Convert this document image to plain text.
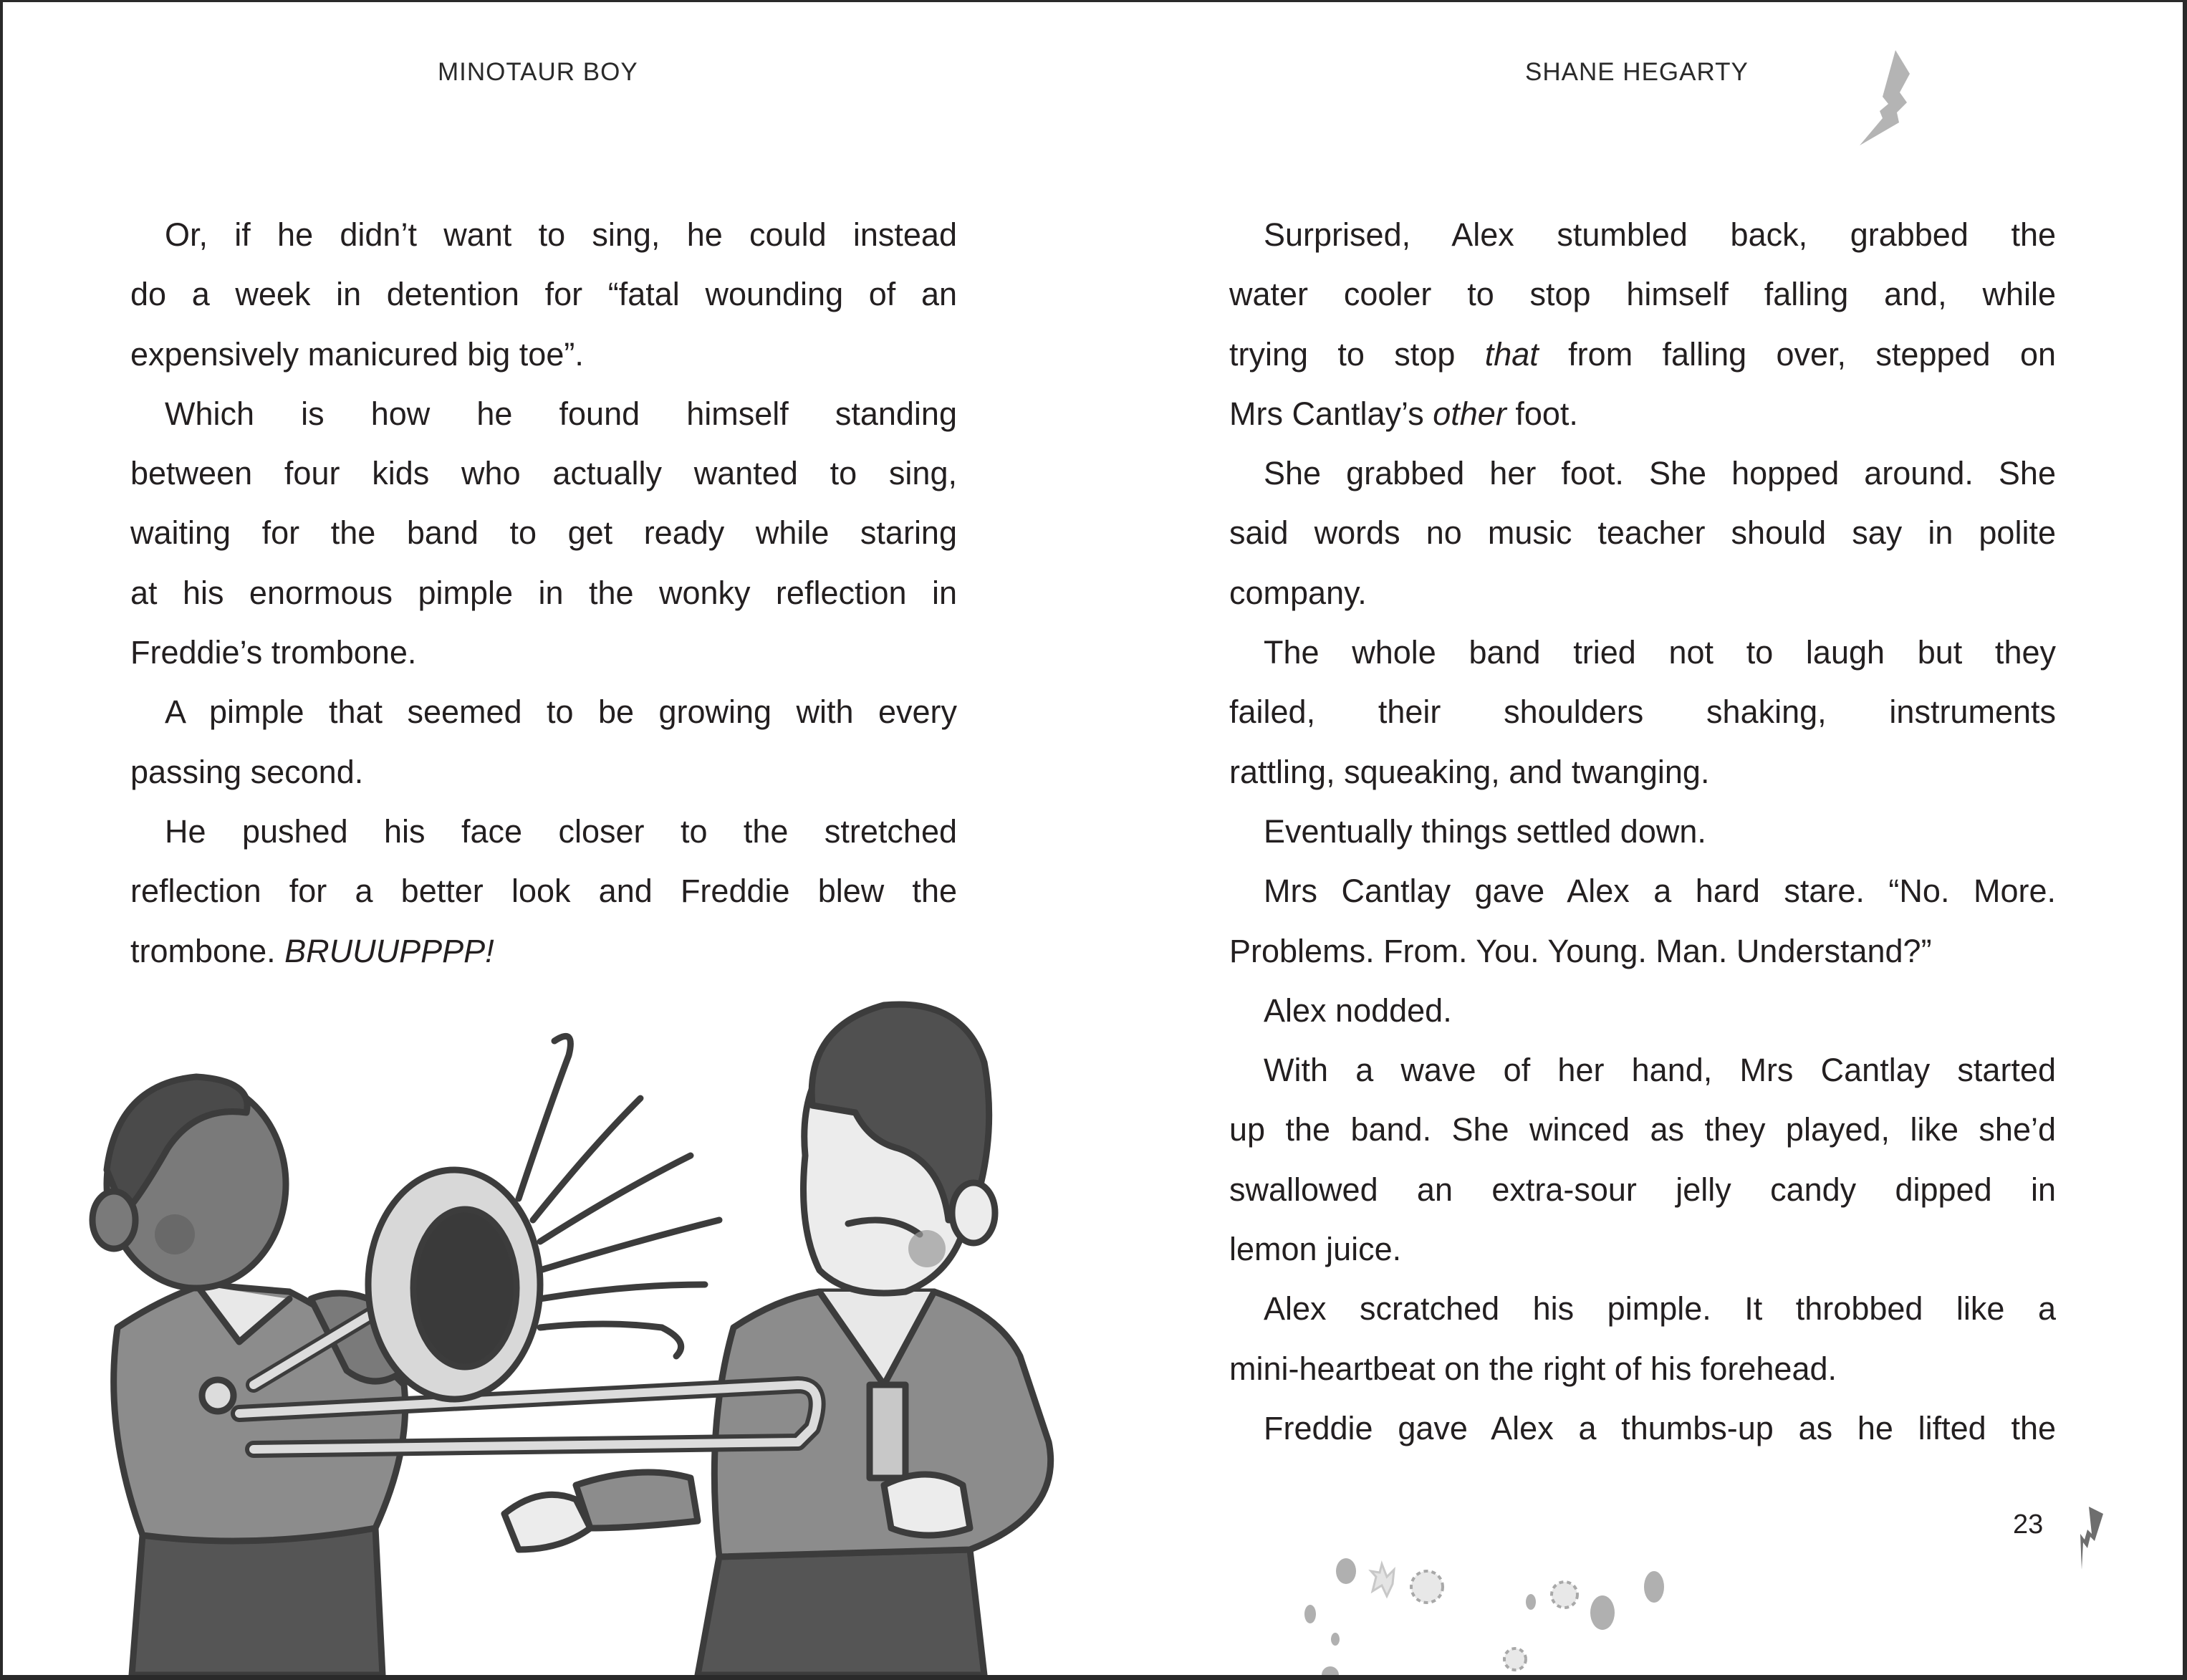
MINOTAUR BOY	SHANE HEGARTY
Or, if he didn’t want to sing, he could instead
do a week in detention for “fatal wounding of an
expensively manicured big toe”.
Which is how he found himself standing
between four kids who actually wanted to sing,
waiting for the band to get ready while staring
at his enormous pimple in the wonky reflection in
Freddie’s trombone.
A pimple that seemed to be growing with every
passing second.
He pushed his face closer to the stretched
reflection for a better look and Freddie blew the
trombone. BRUUUPPPP!
Surprised, Alex stumbled back, grabbed the
water cooler to stop himself falling and, while
trying to stop that from falling over, stepped on
Mrs Cantlay’s other foot.
She grabbed her foot. She hopped around. She
said words no music teacher should say in polite
company.
The whole band tried not to laugh but they
failed, their shoulders shaking, instruments
rattling, squeaking, and twanging.
Eventually things settled down.
Mrs Cantlay gave Alex a hard stare. “No. More.
Problems. From. You. Young. Man. Understand?”
Alex nodded.
With a wave of her hand, Mrs Cantlay started
up the band. She winced as they played, like she’d
swallowed an extra-sour jelly candy dipped in
lemon juice.
Alex scratched his pimple. It throbbed like a
mini-heartbeat on the right of his forehead.
Freddie gave Alex a thumbs-up as he lifted the
23
